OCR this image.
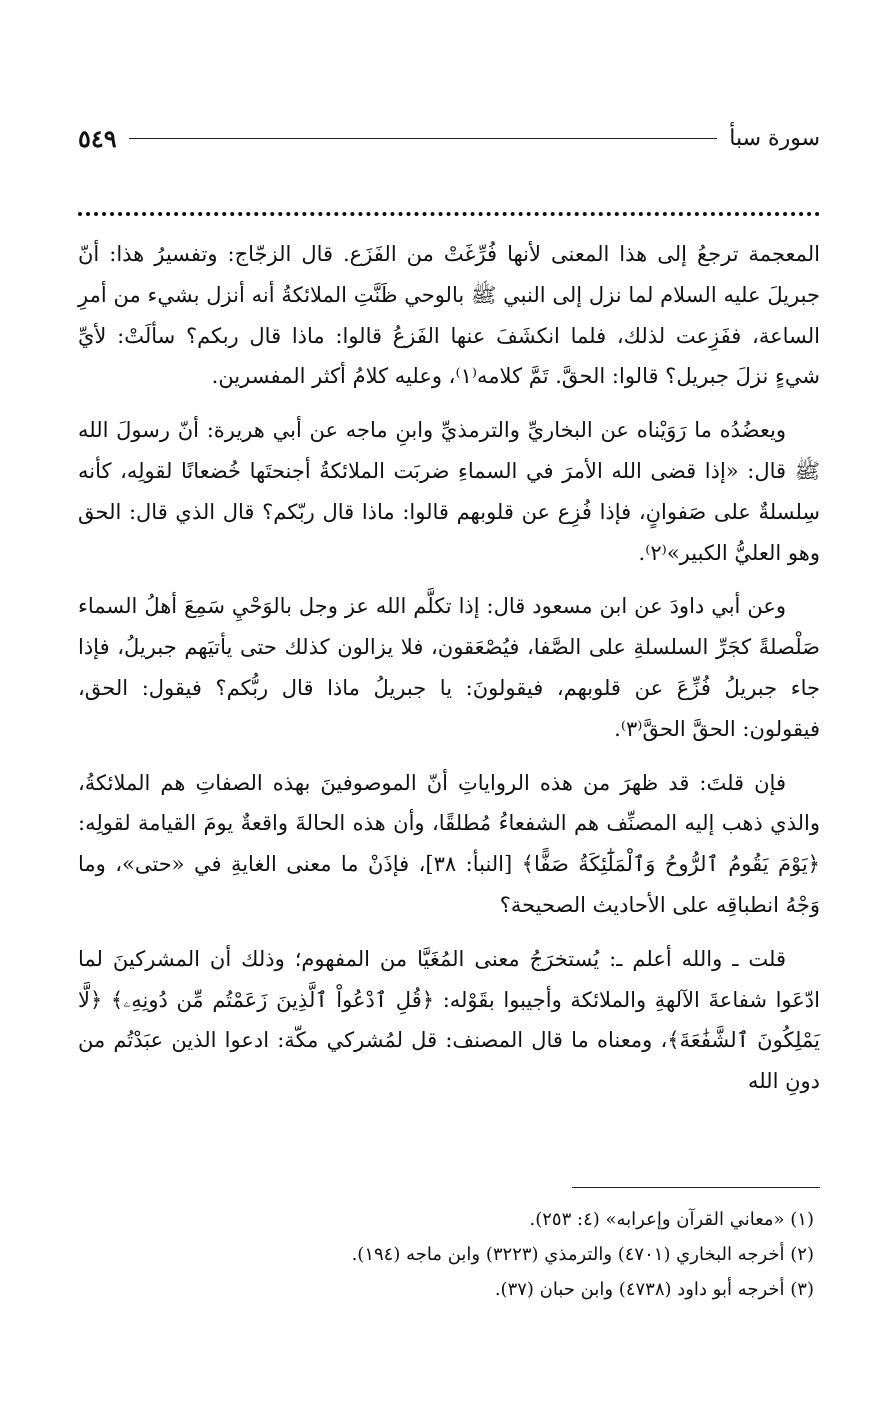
سورة سبأ
٥٤٩

المعجمة ترجعُ إلى هذا المعنى لأنها فُرِّغَتْ من الفَزَع. قال الزجّاج: وتفسيرُ هذا: أنّ جبريلَ عليه السلام لما نزل إلى النبي ﷺ بالوحي ظَنَّتِ الملائكةُ أنه أنزل بشيء من أمرِ الساعة، ففَزِعت لذلك، فلما انكشَفَ عنها الفَزعُ قالوا: ماذا قال ربكم؟ سألَتْ: لأيِّ شيءٍ نزلَ جبريل؟ قالوا: الحقَّ. تَمَّ كلامه⁽١⁾، وعليه كلامُ أكثر المفسرين.

ويعضُدُه ما رَوَيْناه عن البخاريِّ والترمذيِّ وابنِ ماجه عن أبي هريرة: أنّ رسولَ الله ﷺ قال: «إذا قضى الله الأمرَ في السماءِ ضربَت الملائكةُ أجنحتَها خُضعانًا لقولِه، كأنه سِلسلةٌ على صَفوانٍ، فإذا فُزِع عن قلوبهم قالوا: ماذا قال ربّكم؟ قال الذي قال: الحق وهو العليُّ الكبير»⁽٢⁾.

وعن أبي داودَ عن ابن مسعود قال: إذا تكلَّم الله عز وجل بالوَحْيِ سَمِعَ أهلُ السماء صَلْصلةً كجَرِّ السلسلةِ على الصَّفا، فيُصْعَقون، فلا يزالون كذلك حتى يأتيَهم جبريلُ، فإذا جاء جبريلُ فُزِّعَ عن قلوبهم، فيقولونَ: يا جبريلُ ماذا قال ربُّكم؟ فيقول: الحق، فيقولون: الحقَّ الحقَّ⁽٣⁾.

فإن قلتَ: قد ظهرَ من هذه الرواياتِ أنّ الموصوفينَ بهذه الصفاتِ هم الملائكةُ، والذي ذهب إليه المصنِّف هم الشفعاءُ مُطلقًا، وأن هذه الحالةَ واقعةٌ يومَ القيامة لقولِه: ﴿يَوْمَ يَقُومُ ٱلرُّوحُ وَٱلْمَلَٰٓئِكَةُ صَفًّا﴾ [النبأ: ٣٨]، فإذَنْ ما معنى الغايةِ في «حتى»، وما وَجْهُ انطباقِه على الأحاديث الصحيحة؟

قلت ـ والله أعلم ـ: يُستخرَجُ معنى المُغَيَّا من المفهوم؛ وذلك أن المشركينَ لما ادّعَوا شفاعةَ الآلهةِ والملائكة وأجيبوا بقَوْله: ﴿قُلِ ٱدْعُواْ ٱلَّذِينَ زَعَمْتُم مِّن دُونِهِۦ﴾ ﴿لَّا يَمْلِكُونَ ٱلشَّفَٰعَةَ﴾، ومعناه ما قال المصنف: قل لمُشركي مكّة: ادعوا الذين عبَدْتُم من دونِ الله

(١) «معاني القرآن وإعرابه» (٤: ٢٥٣).
(٢) أخرجه البخاري (٤٧٠١) والترمذي (٣٢٢٣) وابن ماجه (١٩٤).
(٣) أخرجه أبو داود (٤٧٣٨) وابن حبان (٣٧).
